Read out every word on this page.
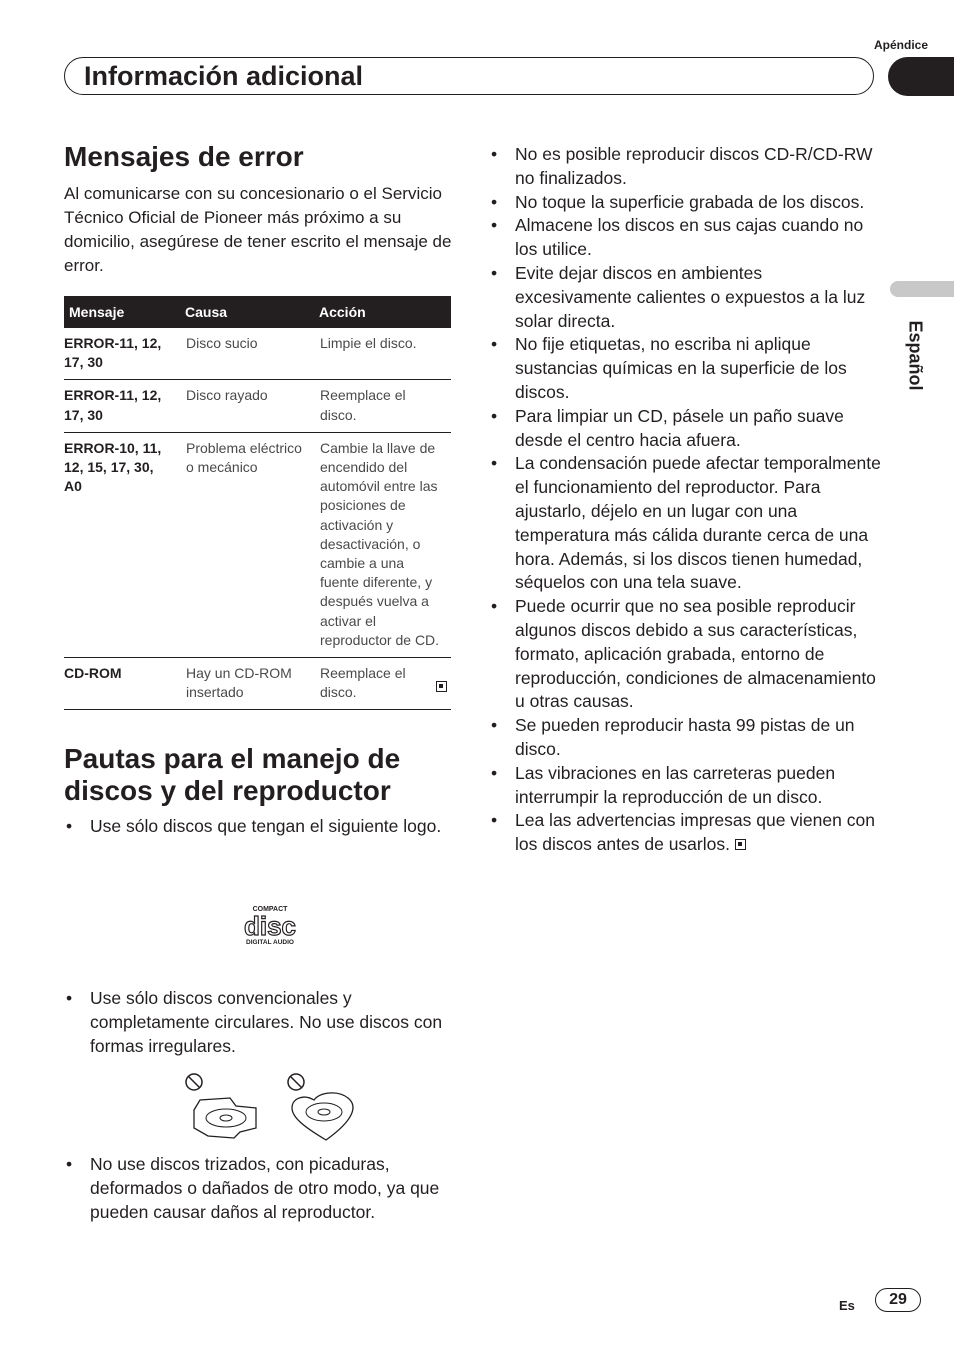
Apéndice
Información adicional
Español
Mensajes de error
Al comunicarse con su concesionario o el Servicio Técnico Oficial de Pioneer más próximo a su domicilio, asegúrese de tener escrito el mensaje de error.
Mensaje	Causa	Acción
ERROR-11, 12, 17, 30	Disco sucio	Limpie el disco.
ERROR-11, 12, 17, 30	Disco rayado	Reemplace el disco.
ERROR-10, 11, 12, 15, 17, 30, A0	Problema eléctrico o mecánico	Cambie la llave de encendido del automóvil entre las posiciones de activación y desactivación, o cambie a una fuente diferente, y después vuelva a activar el reproductor de CD.
CD-ROM	Hay un CD-ROM insertado	Reemplace el disco.
Pautas para el manejo de discos y del reproductor
• Use sólo discos que tengan el siguiente logo.
COMPACT
disc
DIGITAL AUDIO
• Use sólo discos convencionales y completamente circulares. No use discos con formas irregulares.
• No use discos trizados, con picaduras, deformados o dañados de otro modo, ya que pueden causar daños al reproductor.
• No es posible reproducir discos CD-R/CD-RW no finalizados.
• No toque la superficie grabada de los discos.
• Almacene los discos en sus cajas cuando no los utilice.
• Evite dejar discos en ambientes excesivamente calientes o expuestos a la luz solar directa.
• No fije etiquetas, no escriba ni aplique sustancias químicas en la superficie de los discos.
• Para limpiar un CD, pásele un paño suave desde el centro hacia afuera.
• La condensación puede afectar temporalmente el funcionamiento del reproductor. Para ajustarlo, déjelo en un lugar con una temperatura más cálida durante cerca de una hora. Además, si los discos tienen humedad, séquelos con una tela suave.
• Puede ocurrir que no sea posible reproducir algunos discos debido a sus características, formato, aplicación grabada, entorno de reproducción, condiciones de almacenamiento u otras causas.
• Se pueden reproducir hasta 99 pistas de un disco.
• Las vibraciones en las carreteras pueden interrumpir la reproducción de un disco.
• Lea las advertencias impresas que vienen con los discos antes de usarlos.
Es	29
